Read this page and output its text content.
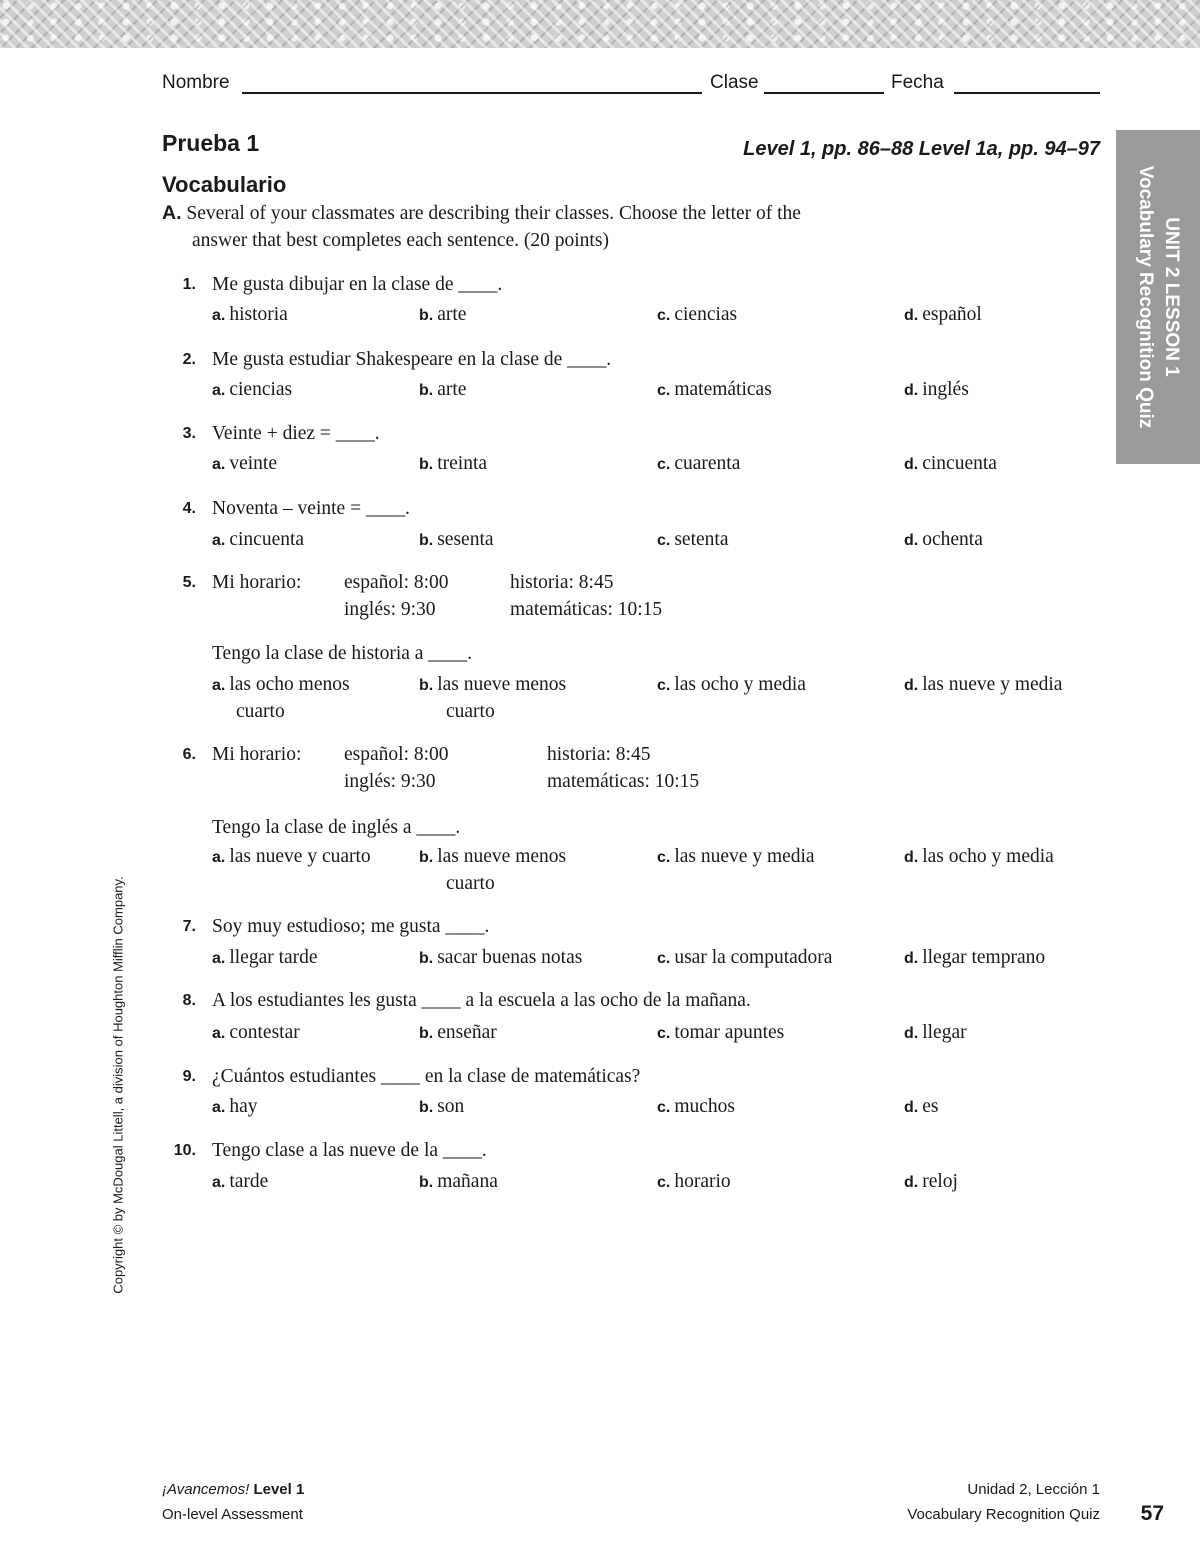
Nombre	Clase	Fecha
Prueba 1	Level 1, pp. 86–88 Level 1a, pp. 94–97
Vocabulario
UNIT 2 LESSON 1
Vocabulary Recognition Quiz
A. Several of your classmates are describing their classes. Choose the letter of the
answer that best completes each sentence. (20 points)
1. Me gusta dibujar en la clase de ____.
a. historia	b. arte	c. ciencias	d. español
2. Me gusta estudiar Shakespeare en la clase de ____.
a. ciencias	b. arte	c. matemáticas	d. inglés
3. Veinte + diez = ____.
a. veinte	b. treinta	c. cuarenta	d. cincuenta
4. Noventa – veinte = ____.
a. cincuenta	b. sesenta	c. setenta	d. ochenta
5. Mi horario: español: 8:00	historia: 8:45
inglés: 9:30	matemáticas: 10:15
Tengo la clase de historia a ____.
a. las ocho menos
cuarto
b. las nueve menos
cuarto
c. las ocho y media	d. las nueve y media
6. Mi horario: español: 8:00	historia: 8:45
inglés: 9:30	matemáticas: 10:15
Tengo la clase de inglés a ____.
a. las nueve y cuarto	b. las nueve menos
cuarto
c. las nueve y media	d. las ocho y media
7. Soy muy estudioso; me gusta ____.
a. llegar tarde	b. sacar buenas notas	c. usar la computadora	d. llegar temprano
8. A los estudiantes les gusta ____ a la escuela a las ocho de la mañana.
a. contestar	b. enseñar	c. tomar apuntes	d. llegar
9. ¿Cuántos estudiantes ____ en la clase de matemáticas?
a. hay	b. son	c. muchos	d. es
10. Tengo clase a las nueve de la ____.
a. tarde	b. mañana	c. horario	d. reloj
Copyright © by McDougal Littell, a division of Houghton Mifflin Company.
¡Avancemos! Level 1
On-level Assessment
Unidad 2, Lección 1
Vocabulary Recognition Quiz 57
